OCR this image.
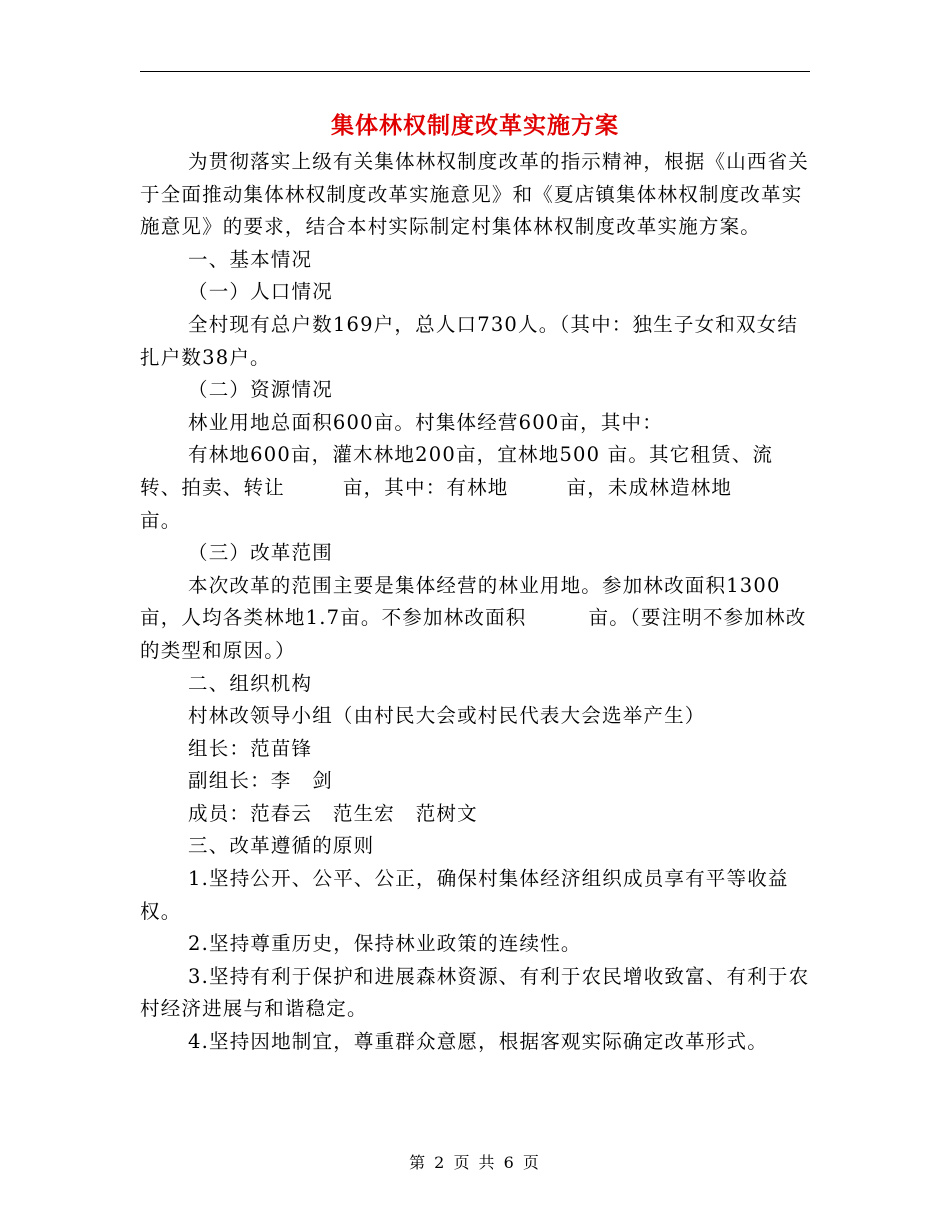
集体林权制度改革实施方案

为贯彻落实上级有关集体林权制度改革的指示精神，根据《山西省关于全面推动集体林权制度改革实施意见》和《夏店镇集体林权制度改革实施意见》的要求，结合本村实际制定村集体林权制度改革实施方案。

一、基本情况

（一）人口情况

全村现有总户数169户，总人口730人。（其中：独生子女和双女结扎户数38户。

（二）资源情况

林业用地总面积600亩。村集体经营600亩，其中：

有林地600亩，灌木林地200亩，宜林地500 亩。其它租赁、流转、拍卖、转让	亩，其中：有林地	亩，未成林造林地亩。

（三）改革范围

本次改革的范围主要是集体经营的林业用地。参加林改面积1300亩，人均各类林地1.7亩。不参加林改面积	亩。（要注明不参加林改的类型和原因。）

二、组织机构

村林改领导小组（由村民大会或村民代表大会选举产生）

组长：范苗锋

副组长：李　剑

成员：范春云　范生宏　范树文

三、改革遵循的原则

1.坚持公开、公平、公正，确保村集体经济组织成员享有平等收益权。

2.坚持尊重历史，保持林业政策的连续性。

3.坚持有利于保护和进展森林资源、有利于农民增收致富、有利于农村经济进展与和谐稳定。

4.坚持因地制宜，尊重群众意愿，根据客观实际确定改革形式。

第 2 页 共 6 页
